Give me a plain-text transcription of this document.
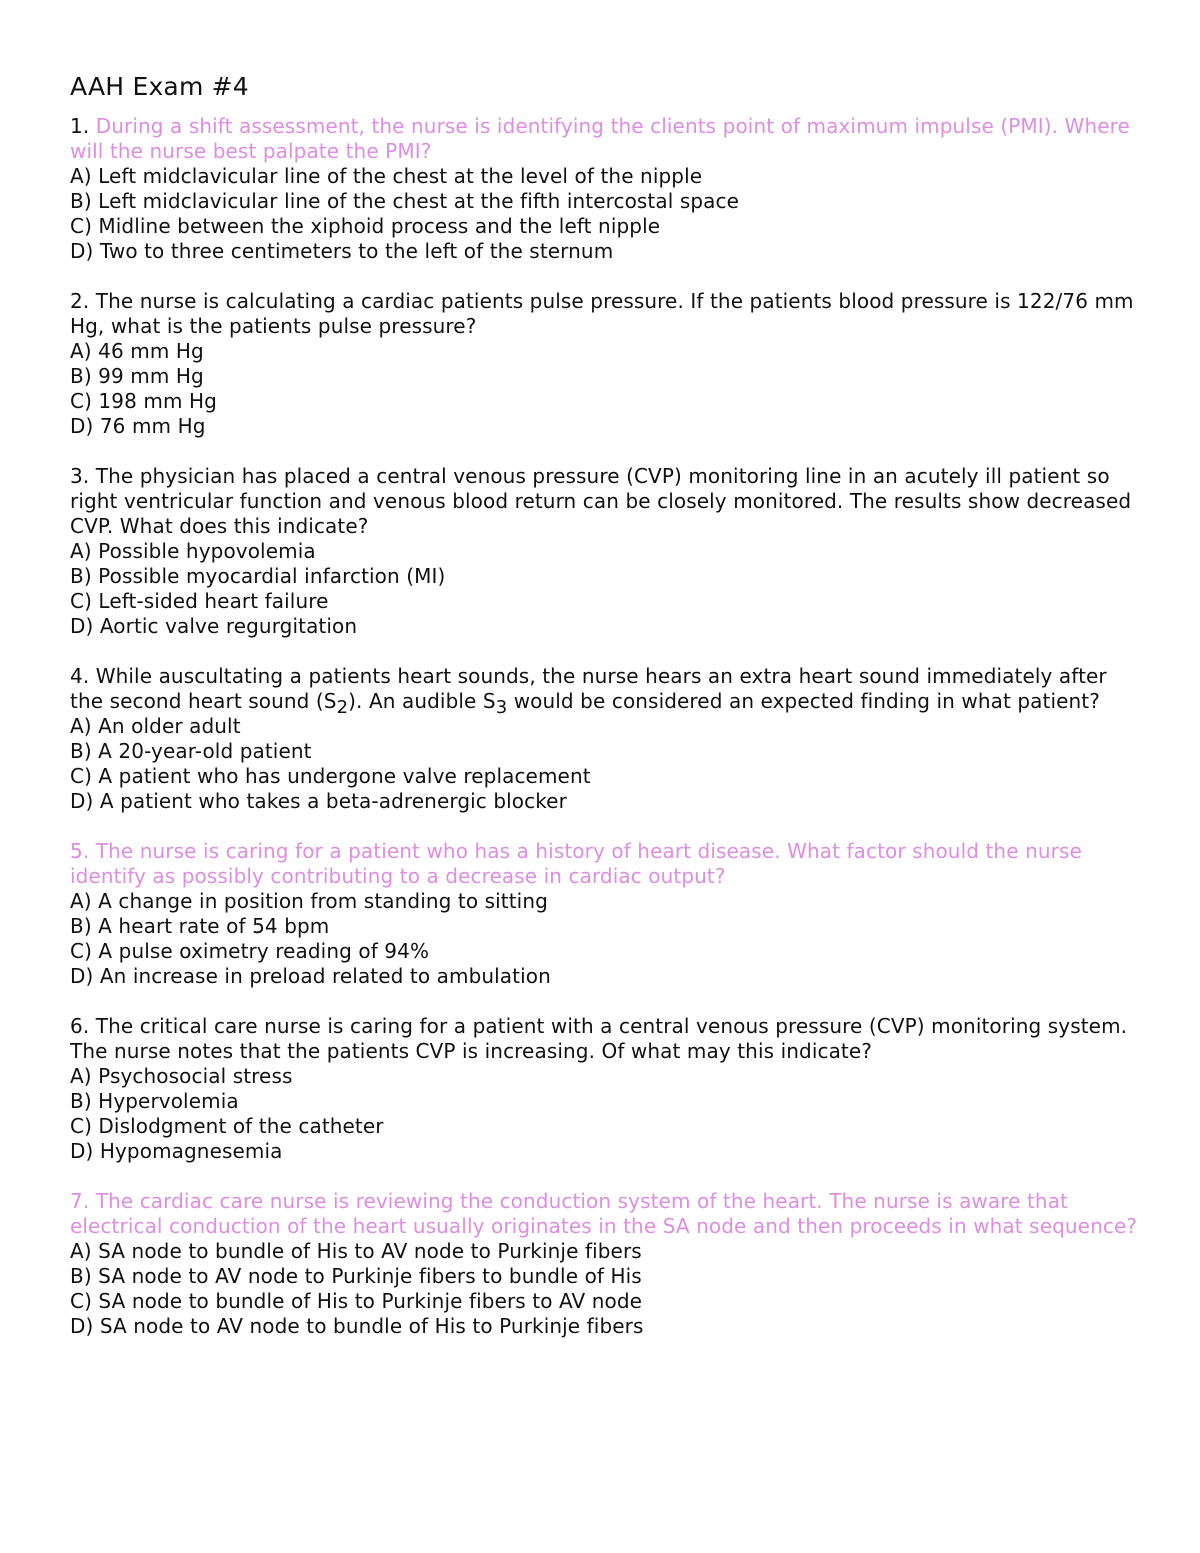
AAH Exam #4

1. During a shift assessment, the nurse is identifying the clients point of maximum impulse (PMI). Where will the nurse best palpate the PMI?

A) Left midclavicular line of the chest at the level of the nipple
B) Left midclavicular line of the chest at the fifth intercostal space
C) Midline between the xiphoid process and the left nipple
D) Two to three centimeters to the left of the sternum

2. The nurse is calculating a cardiac patients pulse pressure. If the patients blood pressure is 122/76 mm Hg, what is the patients pulse pressure?

A) 46 mm Hg
B) 99 mm Hg
C) 198 mm Hg
D) 76 mm Hg

3. The physician has placed a central venous pressure (CVP) monitoring line in an acutely ill patient so right ventricular function and venous blood return can be closely monitored. The results show decreased CVP. What does this indicate?

A) Possible hypovolemia
B) Possible myocardial infarction (MI)
C) Left-sided heart failure
D) Aortic valve regurgitation

4. While auscultating a patients heart sounds, the nurse hears an extra heart sound immediately after the second heart sound (S2). An audible S3 would be considered an expected finding in what patient?

A) An older adult
B) A 20-year-old patient
C) A patient who has undergone valve replacement
D) A patient who takes a beta-adrenergic blocker

5. The nurse is caring for a patient who has a history of heart disease. What factor should the nurse identify as possibly contributing to a decrease in cardiac output?

A) A change in position from standing to sitting
B) A heart rate of 54 bpm
C) A pulse oximetry reading of 94%
D) An increase in preload related to ambulation

6. The critical care nurse is caring for a patient with a central venous pressure (CVP) monitoring system. The nurse notes that the patients CVP is increasing. Of what may this indicate?

A) Psychosocial stress
B) Hypervolemia
C) Dislodgment of the catheter
D) Hypomagnesemia

7. The cardiac care nurse is reviewing the conduction system of the heart. The nurse is aware that electrical conduction of the heart usually originates in the SA node and then proceeds in what sequence?

A) SA node to bundle of His to AV node to Purkinje fibers
B) SA node to AV node to Purkinje fibers to bundle of His
C) SA node to bundle of His to Purkinje fibers to AV node
D) SA node to AV node to bundle of His to Purkinje fibers
